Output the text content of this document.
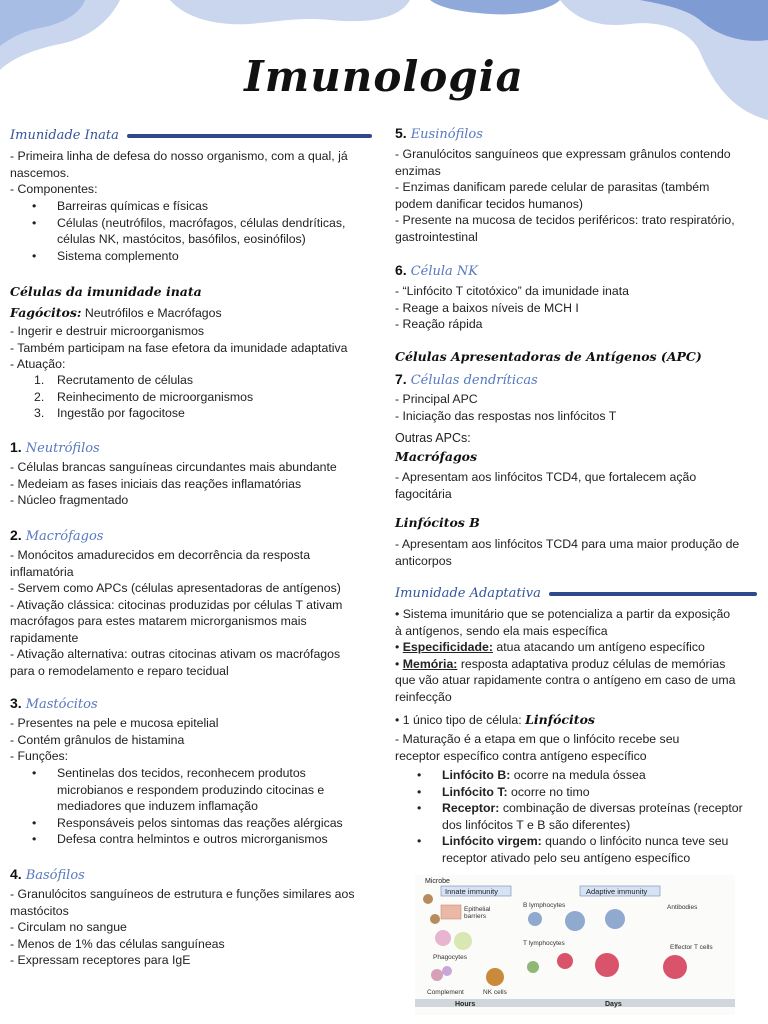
Imunologia
Imunidade Inata
- Primeira linha de defesa do nosso organismo, com a qual, já
nascemos.
- Componentes:
•	Barreiras químicas e físicas
•	Células (neutrófilos, macrófagos, células dendríticas,
células NK, mastócitos, basófilos, eosinófilos)
•	Sistema complemento
Células da imunidade inata
Fagócitos: Neutrófilos e Macrófagos
- Ingerir e destruir microorganismos
- Também participam na fase efetora da imunidade adaptativa
- Atuação:
1.	Recrutamento de células
2.	Reinhecimento de microorganismos
3.	Ingestão por fagocitose
1. Neutrófilos
- Células brancas sanguíneas circundantes mais abundante
- Medeiam as fases iniciais das reações inflamatórias
- Núcleo fragmentado
2. Macrófagos
- Monócitos amadurecidos em decorrência da resposta
inflamatória
- Servem como APCs (células apresentadoras de antígenos)
- Ativação clássica: citocinas produzidas por células T ativam
macrófagos para estes matarem microrganismos mais
rapidamente
- Ativação alternativa: outras citocinas ativam os macrófagos
para o remodelamento e reparo tecidual
3. Mastócitos
- Presentes na pele e mucosa epitelial
- Contém grânulos de histamina
- Funções:
•	Sentinelas dos tecidos, reconhecem produtos
microbianos e respondem produzindo citocinas e
mediadores que induzem inflamação
•	Responsáveis pelos sintomas das reações alérgicas
•	Defesa contra helmintos e outros microrganismos
4. Basófilos
- Granulócitos sanguíneos de estrutura e funções similares aos
mastócitos
- Circulam no sangue
- Menos de 1% das células sanguíneas
- Expressam receptores para IgE
5. Eusinófilos
- Granulócitos sanguíneos que expressam grânulos contendo
enzimas
- Enzimas danificam parede celular de parasitas (também
podem danificar tecidos humanos)
- Presente na mucosa de tecidos periféricos: trato respiratório,
gastrointestinal
6. Célula NK
- “Linfócito T citotóxico” da imunidade inata
- Reage a baixos níveis de MCH I
- Reação rápida
Células Apresentadoras de Antígenos (APC)
7. Células dendríticas
- Principal APC
- Iniciação das respostas nos linfócitos T
Outras APCs:
Macrófagos
- Apresentam aos linfócitos TCD4, que fortalecem ação
fagocitária
Linfócitos B
- Apresentam aos linfócitos TCD4 para uma maior produção de
anticorpos
Imunidade Adaptativa
• Sistema imunitário que se potencializa a partir da exposição
à antígenos, sendo ela mais específica
• Especificidade: atua atacando um antígeno específico
• Memória: resposta adaptativa produz células de memórias
que vão atuar rapidamente contra o antígeno em caso de uma
reinfecção
• 1 único tipo de célula: Linfócitos
- Maturação é a etapa em que o linfócito recebe seu
receptor específico contra antígeno específico
•	Linfócito B: ocorre na medula óssea
•	Linfócito T: ocorre no timo
•	Receptor: combinação de diversas proteínas (receptor
dos linfócitos T e B são diferentes)
•	Linfócito virgem: quando o linfócito nunca teve seu
receptor ativado pelo seu antígeno específico
Microbe
Innate immunity	Adaptive immunity
Epithelial
barriers
Phagocytes
Complement	NK cells
B lymphocytes	Antibodies
T lymphocytes
Effector T cells
Hours	Days
